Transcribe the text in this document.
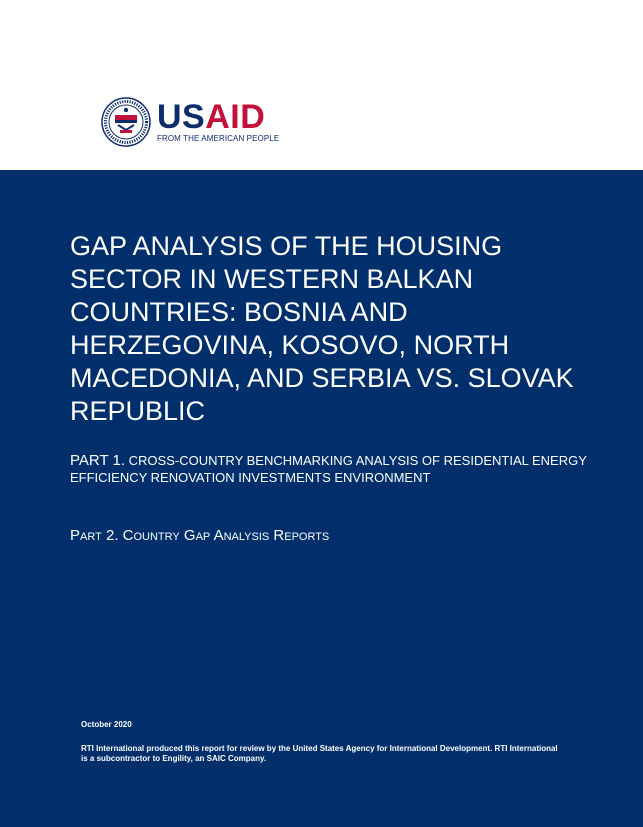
USAID
FROM THE AMERICAN PEOPLE
GAP ANALYSIS OF THE HOUSING SECTOR IN WESTERN BALKAN COUNTRIES: BOSNIA AND HERZEGOVINA, KOSOVO, NORTH MACEDONIA, AND SERBIA VS. SLOVAK REPUBLIC

PART 1. CROSS-COUNTRY BENCHMARKING ANALYSIS OF RESIDENTIAL ENERGY EFFICIENCY RENOVATION INVESTMENTS ENVIRONMENT

Part 2. Country Gap Analysis Reports

October 2020

RTI International produced this report for review by the United States Agency for International Development. RTI International is a subcontractor to Engility, an SAIC Company.
